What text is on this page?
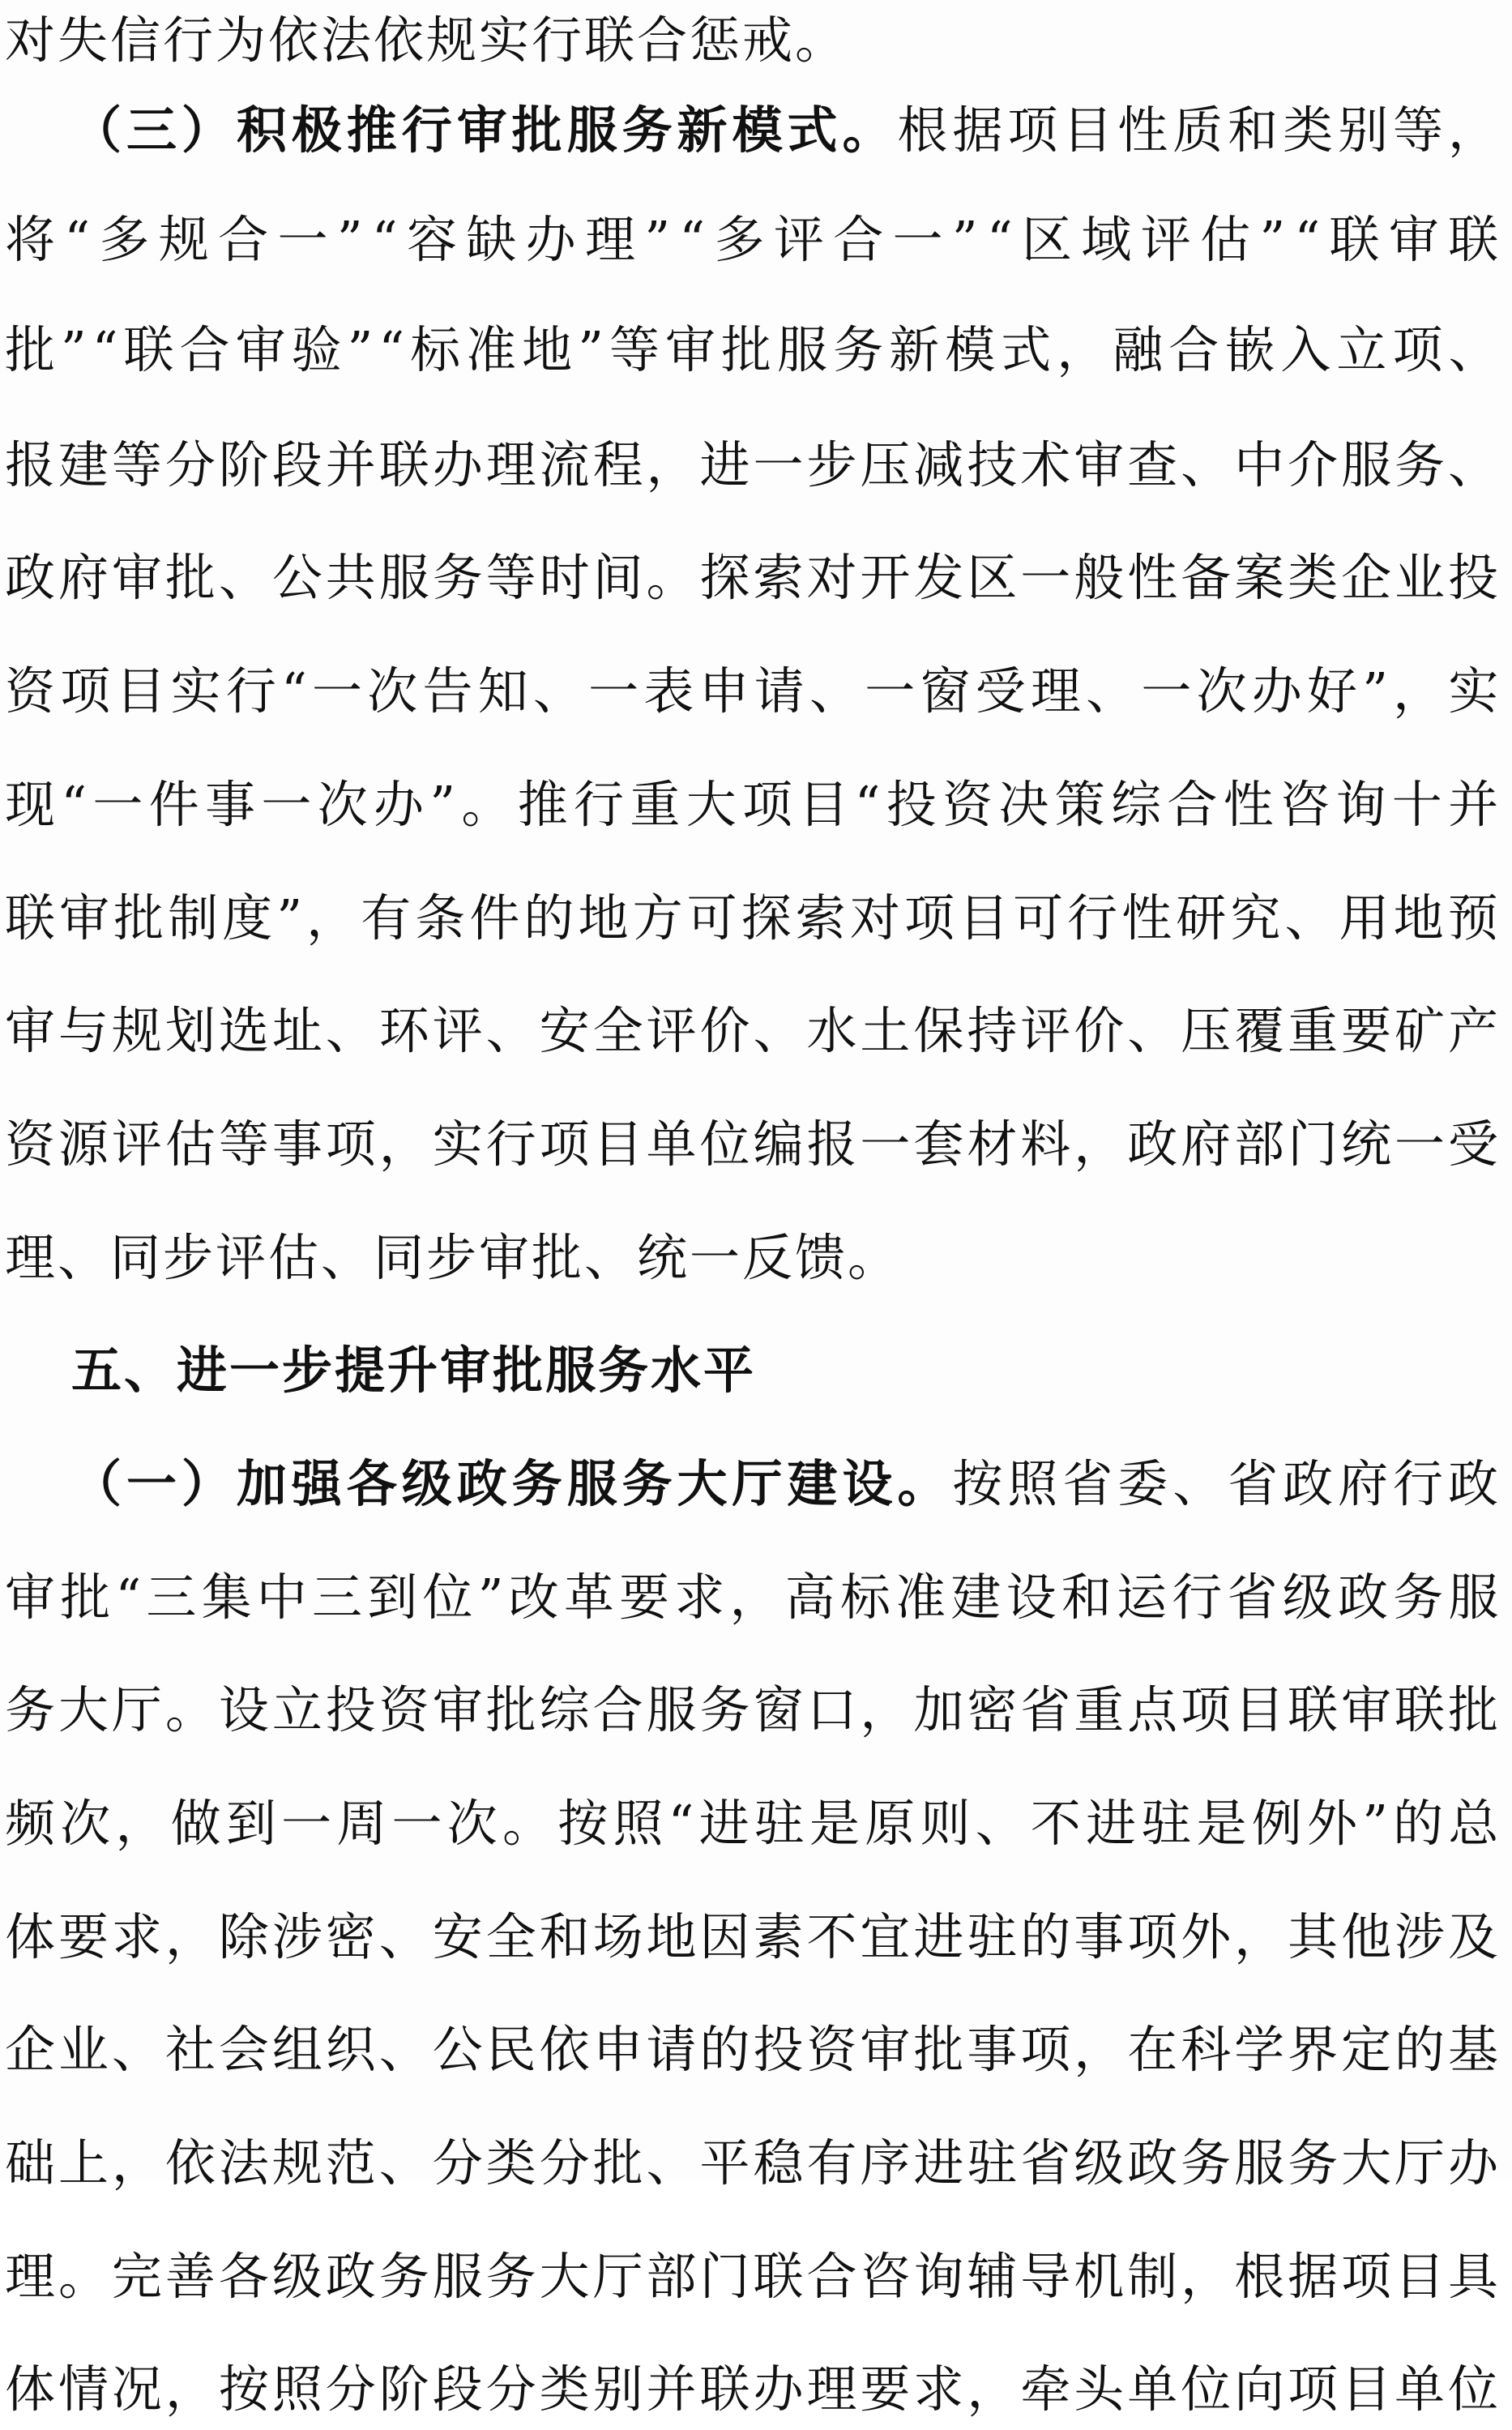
对失信行为依法依规实行联合惩戒。
（三）积极推行审批服务新模式。根据项目性质和类别等，
将“多规合一”“容缺办理”“多评合一”“区域评估”“联审联
批”“联合审验”“标准地”等审批服务新模式，融合嵌入立项、
报建等分阶段并联办理流程，进一步压减技术审查、中介服务、
政府审批、公共服务等时间。探索对开发区一般性备案类企业投
资项目实行“一次告知、一表申请、一窗受理、一次办好”，实
现“一件事一次办”。推行重大项目“投资决策综合性咨询十并
联审批制度”，有条件的地方可探索对项目可行性研究、用地预
审与规划选址、环评、安全评价、水土保持评价、压覆重要矿产
资源评估等事项，实行项目单位编报一套材料，政府部门统一受
理、同步评估、同步审批、统一反馈。
五、进一步提升审批服务水平
（一）加强各级政务服务大厅建设。按照省委、省政府行政
审批“三集中三到位”改革要求，高标准建设和运行省级政务服
务大厅。设立投资审批综合服务窗口，加密省重点项目联审联批
频次，做到一周一次。按照“进驻是原则、不进驻是例外”的总
体要求，除涉密、安全和场地因素不宜进驻的事项外，其他涉及
企业、社会组织、公民依申请的投资审批事项，在科学界定的基
础上，依法规范、分类分批、平稳有序进驻省级政务服务大厅办
理。完善各级政务服务大厅部门联合咨询辅导机制，根据项目具
体情况，按照分阶段分类别并联办理要求，牵头单位向项目单位
